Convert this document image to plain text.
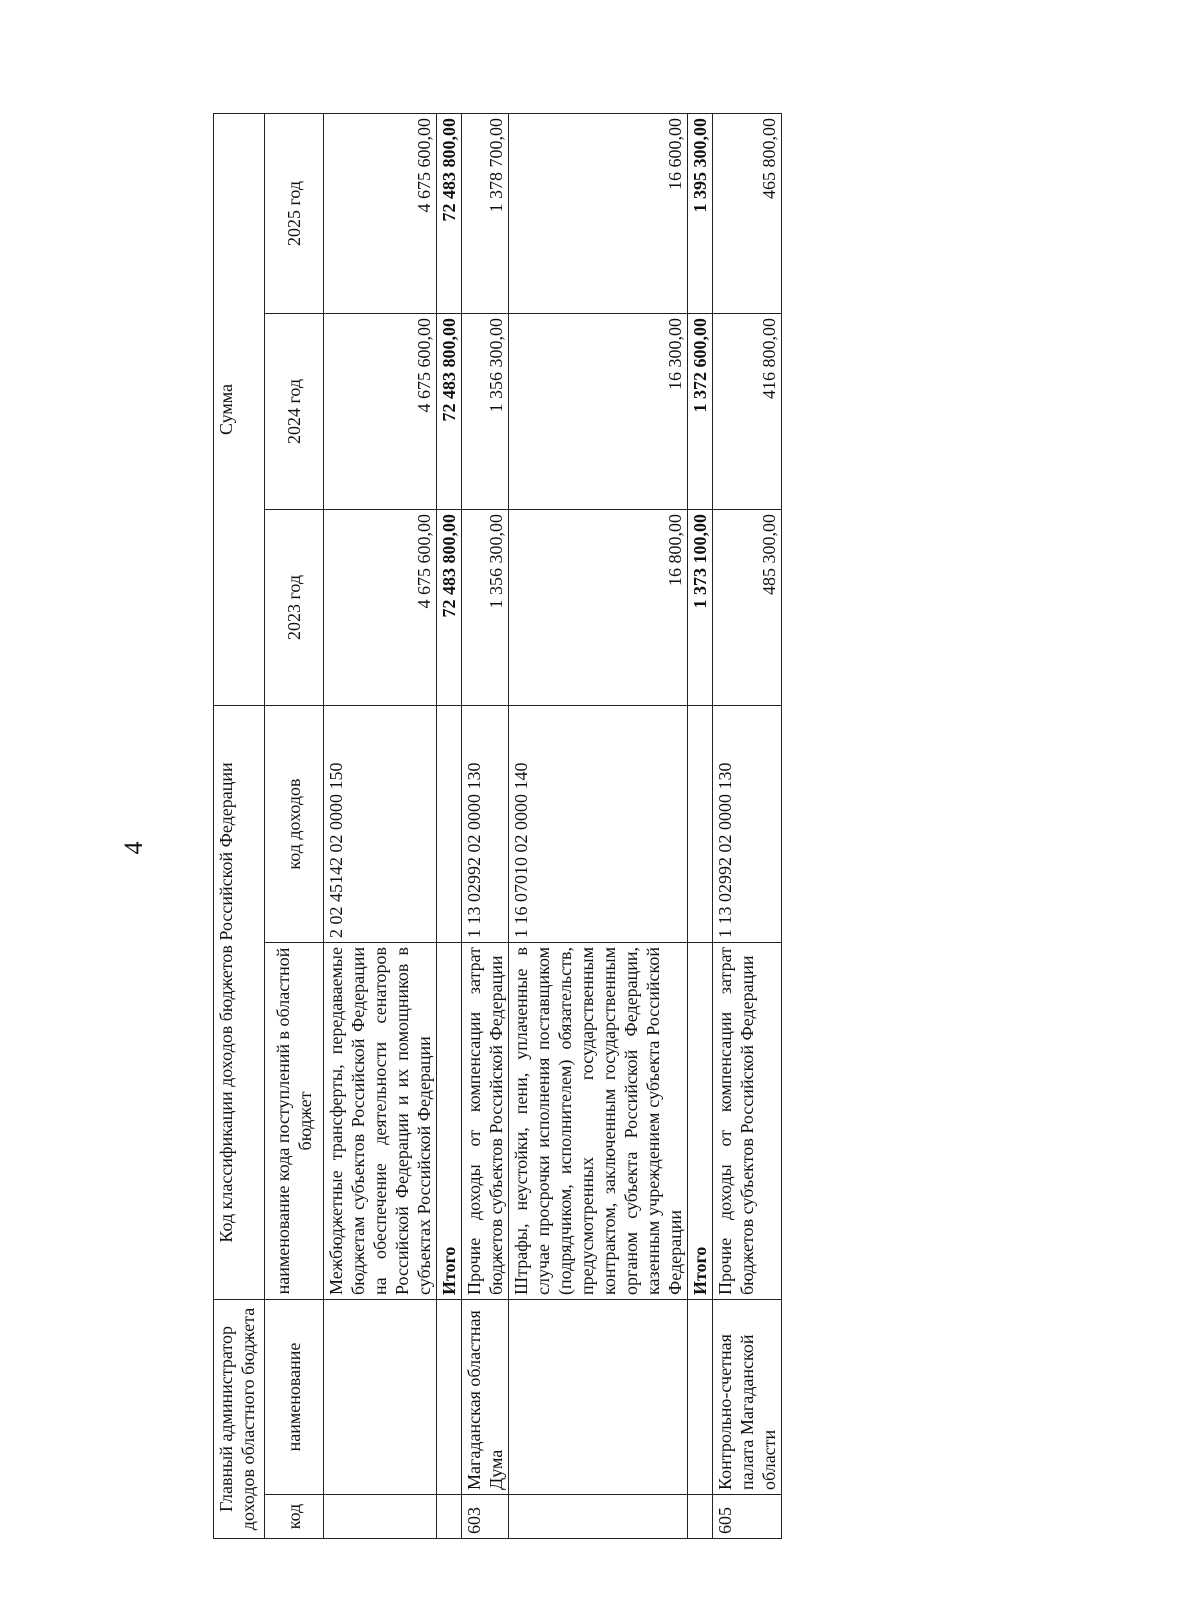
4
Главный администратор доходов областного бюджета		Код классификации доходов бюджетов Российской Федерации		Сумма		
код	наименование	наименование кода поступлений в областной бюджет	код доходов	2023 год	2024 год	2025 год
		Межбюджетные трансферты, передаваемые бюджетам субъектов Российской Федерации на обеспечение деятельности сенаторов Российской Федерации и их помощников в субъектах Российской Федерации	2 02 45142 02 0000 150	4 675 600,00	4 675 600,00	4 675 600,00
		Итого		72 483 800,00	72 483 800,00	72 483 800,00
603	Магаданская областная Дума	Прочие доходы от компенсации затрат бюджетов субъектов Российской Федерации	1 13 02992 02 0000 130	1 356 300,00	1 356 300,00	1 378 700,00
		Штрафы, неустойки, пени, уплаченные в случае просрочки исполнения поставщиком (подрядчиком, исполнителем) обязательств, предусмотренных государственным контрактом, заключенным государственным органом субъекта Российской Федерации, казенным учреждением субъекта Российской Федерации	1 16 07010 02 0000 140	16 800,00	16 300,00	16 600,00
		Итого		1 373 100,00	1 372 600,00	1 395 300,00
605	Контрольно-счетная палата Магаданской области	Прочие доходы от компенсации затрат бюджетов субъектов Российской Федерации	1 13 02992 02 0000 130	485 300,00	416 800,00	465 800,00
